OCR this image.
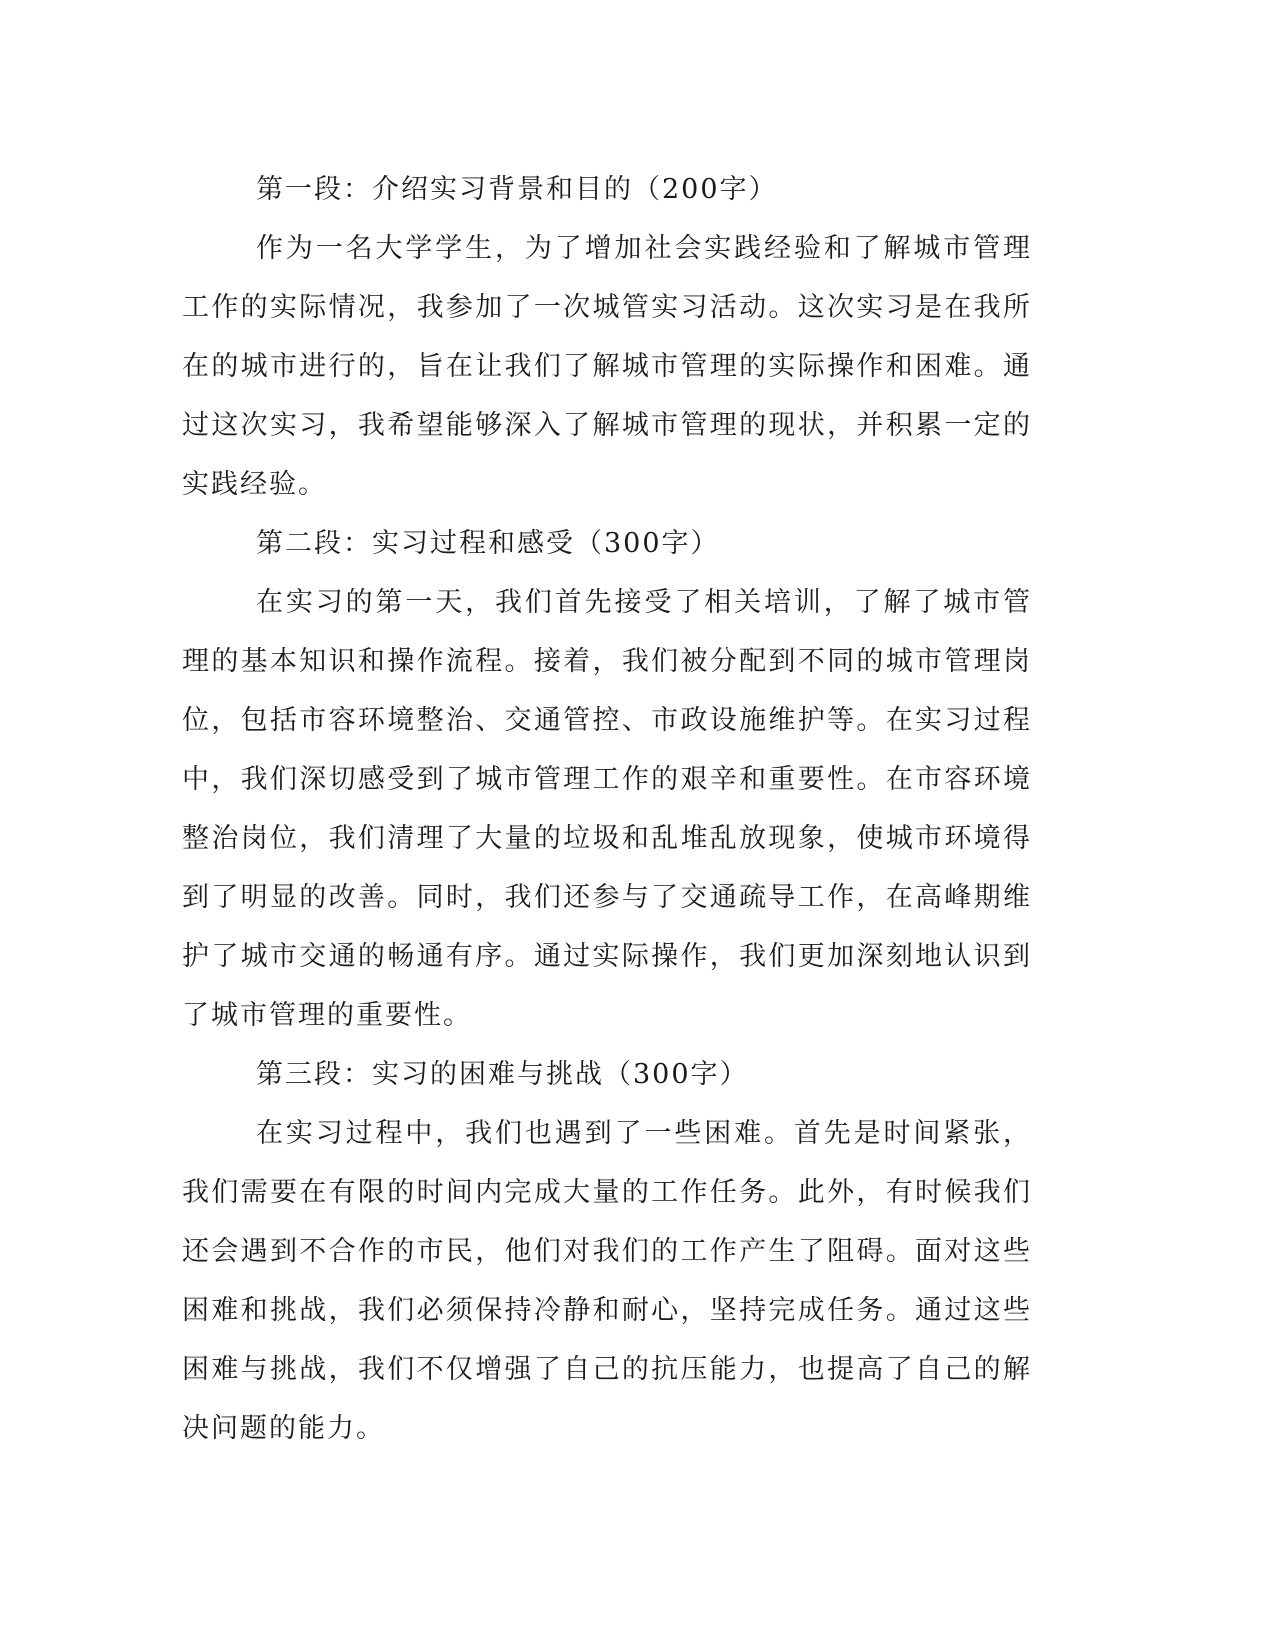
第一段：介绍实习背景和目的（200字）

作为一名大学学生，为了增加社会实践经验和了解城市管理工作的实际情况，我参加了一次城管实习活动。这次实习是在我所在的城市进行的，旨在让我们了解城市管理的实际操作和困难。通过这次实习，我希望能够深入了解城市管理的现状，并积累一定的实践经验。

第二段：实习过程和感受（300字）

在实习的第一天，我们首先接受了相关培训，了解了城市管理的基本知识和操作流程。接着，我们被分配到不同的城市管理岗位，包括市容环境整治、交通管控、市政设施维护等。在实习过程中，我们深切感受到了城市管理工作的艰辛和重要性。在市容环境整治岗位，我们清理了大量的垃圾和乱堆乱放现象，使城市环境得到了明显的改善。同时，我们还参与了交通疏导工作，在高峰期维护了城市交通的畅通有序。通过实际操作，我们更加深刻地认识到了城市管理的重要性。

第三段：实习的困难与挑战（300字）

在实习过程中，我们也遇到了一些困难。首先是时间紧张，我们需要在有限的时间内完成大量的工作任务。此外，有时候我们还会遇到不合作的市民，他们对我们的工作产生了阻碍。面对这些困难和挑战，我们必须保持冷静和耐心，坚持完成任务。通过这些困难与挑战，我们不仅增强了自己的抗压能力，也提高了自己的解决问题的能力。
